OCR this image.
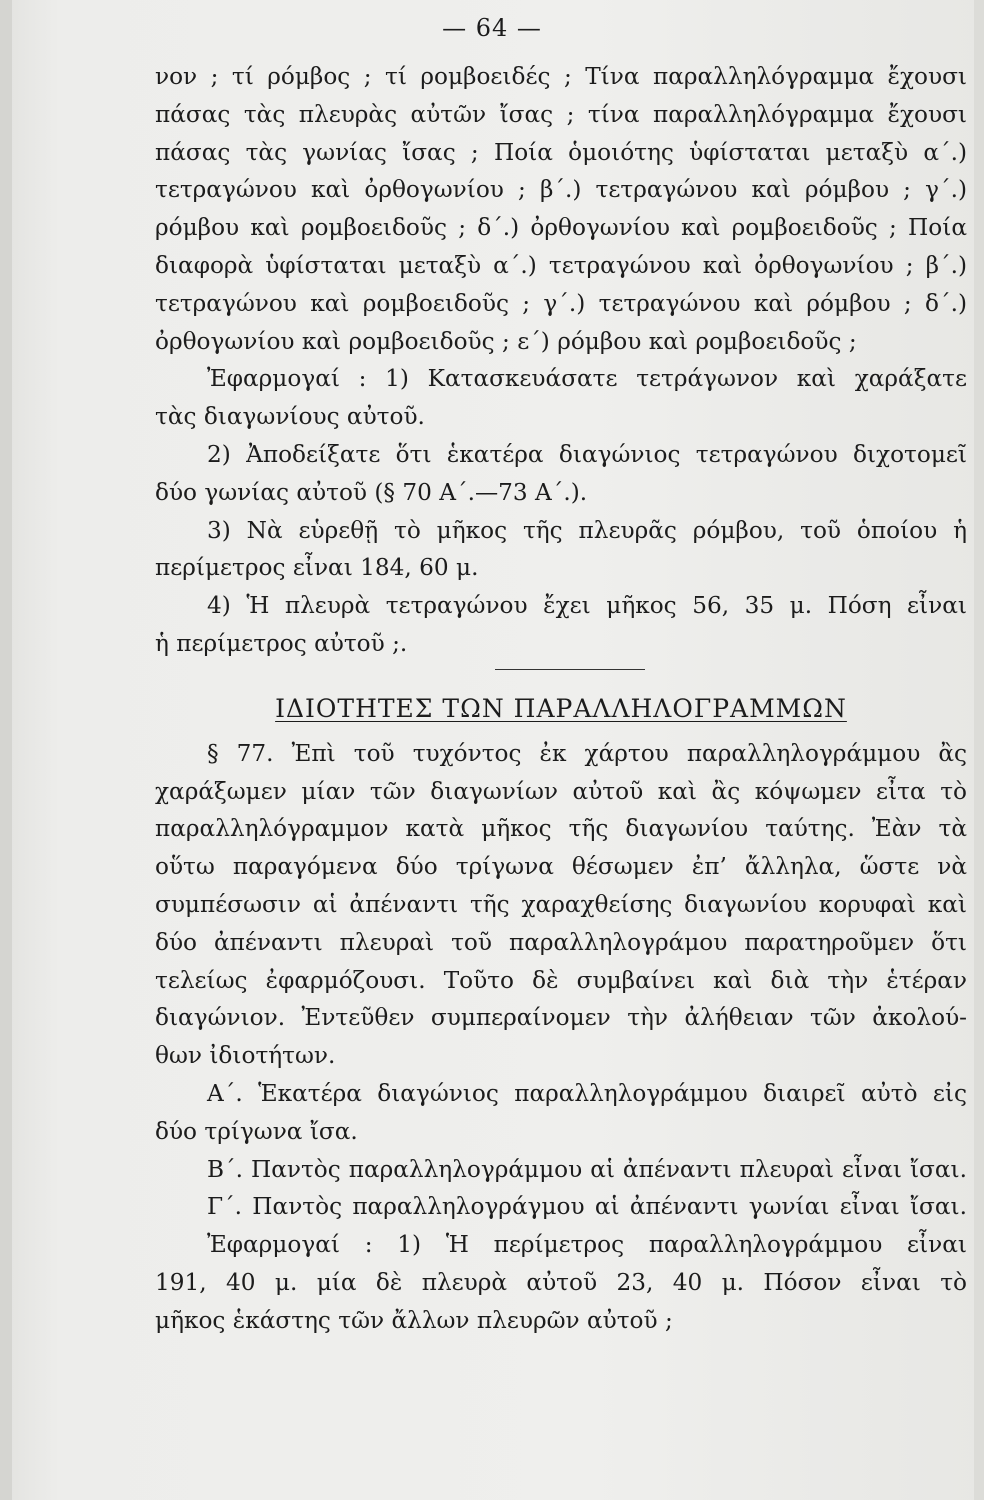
— 64 —
νον ; τί ρόμβος ; τί ρομβοειδές ; Τίνα παραλληλόγραμμα ἔχουσι
πάσας τὰς πλευρὰς αὐτῶν ἴσας ; τίνα παραλληλόγραμμα ἔχουσι
πάσας τὰς γωνίας ἴσας ; Ποία ὁμοιότης ὑφίσταται μεταξὺ α΄.)
τετραγώνου καὶ ὀρθογωνίου ; β΄.) τετραγώνου καὶ ρόμβου ; γ΄.)
ρόμβου καὶ ρομβοειδοῦς ; δ΄.) ὀρθογωνίου καὶ ρομβοειδοῦς ; Ποία
διαφορὰ ὑφίσταται μεταξὺ α΄.) τετραγώνου καὶ ὀρθογωνίου ; β΄.)
τετραγώνου καὶ ρομβοειδοῦς ; γ΄.) τετραγώνου καὶ ρόμβου ; δ΄.)
ὀρθογωνίου καὶ ρομβοειδοῦς ; ε΄) ρόμβου καὶ ρομβοειδοῦς ;
Ἐφαρμογαί : 1) Κατασκευάσατε τετράγωνον καὶ χαράξατε
τὰς διαγωνίους αὐτοῦ.
2) Ἀποδείξατε ὅτι ἑκατέρα διαγώνιος τετραγώνου διχοτομεῖ
δύο γωνίας αὐτοῦ (§ 70 Α΄.—73 Α΄.).
3) Νὰ εὑρεθῇ τὸ μῆκος τῆς πλευρᾶς ρόμβου, τοῦ ὁποίου ἡ
περίμετρος εἶναι 184, 60 μ.
4) Ἡ πλευρὰ τετραγώνου ἔχει μῆκος 56, 35 μ. Πόση εἶναι
ἡ περίμετρος αὐτοῦ ;.
ΙΔΙΟΤΗΤΕΣ ΤΩΝ ΠΑΡΑΛΛΗΛΟΓΡΑΜΜΩΝ
§ 77. Ἐπὶ τοῦ τυχόντος ἐκ χάρτου παραλληλογράμμου ἂς
χαράξωμεν μίαν τῶν διαγωνίων αὐτοῦ καὶ ἂς κόψωμεν εἶτα τὸ
παραλληλόγραμμον κατὰ μῆκος τῆς διαγωνίου ταύτης. Ἐὰν τὰ
οὕτω παραγόμενα δύο τρίγωνα θέσωμεν ἐπ’ ἄλληλα, ὥστε νὰ
συμπέσωσιν αἱ ἀπέναντι τῆς χαραχθείσης διαγωνίου κορυφαὶ καὶ
δύο ἀπέναντι πλευραὶ τοῦ παραλληλογράμου παρατηροῦμεν ὅτι
τελείως ἐφαρμόζουσι. Τοῦτο δὲ συμβαίνει καὶ διὰ τὴν ἑτέραν
διαγώνιον. Ἐντεῦθεν συμπεραίνομεν τὴν ἀλήθειαν τῶν ἀκολού-
θων ἰδιοτήτων.
Α΄. Ἑκατέρα διαγώνιος παραλληλογράμμου διαιρεῖ αὐτὸ εἰς
δύο τρίγωνα ἴσα.
Β΄. Παντὸς παραλληλογράμμου αἱ ἀπέναντι πλευραὶ εἶναι ἴσαι.
Γ΄. Παντὸς παραλληλογράγμου αἱ ἀπέναντι γωνίαι εἶναι ἴσαι.
Ἐφαρμογαί : 1) Ἡ περίμετρος παραλληλογράμμου εἶναι
191, 40 μ. μία δὲ πλευρὰ αὐτοῦ 23, 40 μ. Πόσον εἶναι τὸ
μῆκος ἑκάστης τῶν ἄλλων πλευρῶν αὐτοῦ ;
